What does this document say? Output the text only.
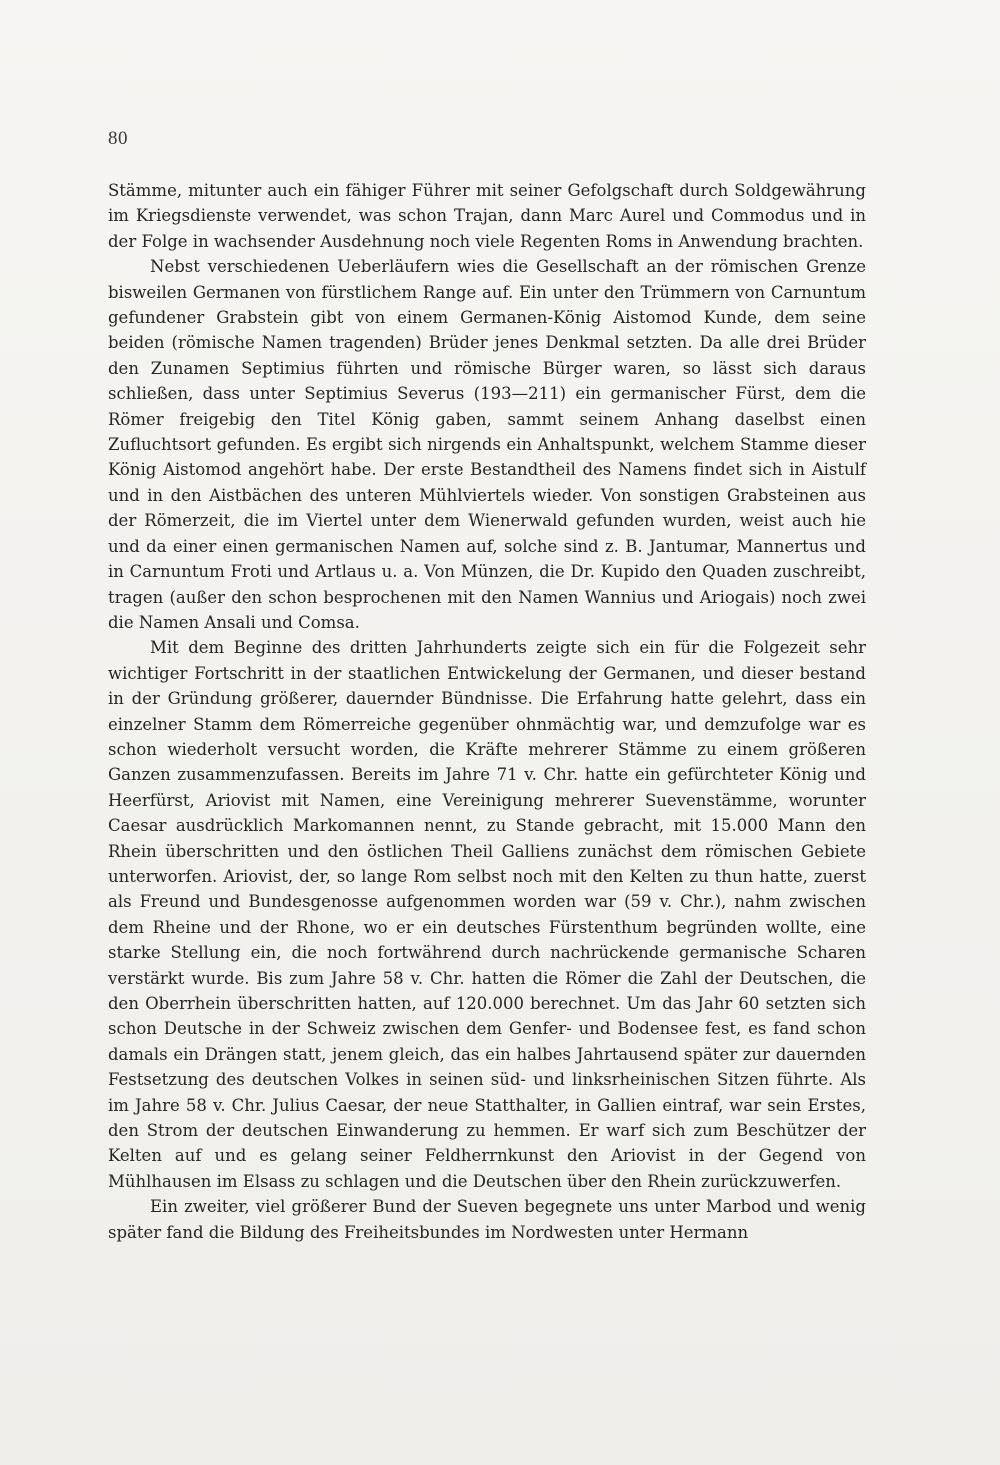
80

Stämme, mitunter auch ein fähiger Führer mit seiner Gefolgschaft durch Soldgewährung im Kriegsdienste verwendet, was schon Trajan, dann Marc Aurel und Commodus und in der Folge in wachsender Ausdehnung noch viele Regenten Roms in Anwendung brachten.

Nebst verschiedenen Ueberläufern wies die Gesellschaft an der römischen Grenze bisweilen Germanen von fürstlichem Range auf. Ein unter den Trümmern von Carnuntum gefundener Grabstein gibt von einem Germanen-König Aistomod Kunde, dem seine beiden (römische Namen tragenden) Brüder jenes Denkmal setzten. Da alle drei Brüder den Zunamen Septimius führten und römische Bürger waren, so lässt sich daraus schließen, dass unter Septimius Severus (193—211) ein germanischer Fürst, dem die Römer freigebig den Titel König gaben, sammt seinem Anhang daselbst einen Zufluchtsort gefunden. Es ergibt sich nirgends ein Anhaltspunkt, welchem Stamme dieser König Aistomod angehört habe. Der erste Bestandtheil des Namens findet sich in Aistulf und in den Aistbächen des unteren Mühlviertels wieder. Von sonstigen Grabsteinen aus der Römerzeit, die im Viertel unter dem Wienerwald gefunden wurden, weist auch hie und da einer einen germanischen Namen auf, solche sind z. B. Jantumar, Mannertus und in Carnuntum Froti und Artlaus u. a. Von Münzen, die Dr. Kupido den Quaden zuschreibt, tragen (außer den schon besprochenen mit den Namen Wannius und Ariogais) noch zwei die Namen Ansali und Comsa.

Mit dem Beginne des dritten Jahrhunderts zeigte sich ein für die Folgezeit sehr wichtiger Fortschritt in der staatlichen Entwickelung der Germanen, und dieser bestand in der Gründung größerer, dauernder Bündnisse. Die Erfahrung hatte gelehrt, dass ein einzelner Stamm dem Römerreiche gegenüber ohnmächtig war, und demzufolge war es schon wiederholt versucht worden, die Kräfte mehrerer Stämme zu einem größeren Ganzen zusammenzufassen. Bereits im Jahre 71 v. Chr. hatte ein gefürchteter König und Heerfürst, Ariovist mit Namen, eine Vereinigung mehrerer Suevenstämme, worunter Caesar ausdrücklich Markomannen nennt, zu Stande gebracht, mit 15.000 Mann den Rhein überschritten und den östlichen Theil Galliens zunächst dem römischen Gebiete unterworfen. Ariovist, der, so lange Rom selbst noch mit den Kelten zu thun hatte, zuerst als Freund und Bundesgenosse aufgenommen worden war (59 v. Chr.), nahm zwischen dem Rheine und der Rhone, wo er ein deutsches Fürstenthum begründen wollte, eine starke Stellung ein, die noch fortwährend durch nachrückende germanische Scharen verstärkt wurde. Bis zum Jahre 58 v. Chr. hatten die Römer die Zahl der Deutschen, die den Oberrhein überschritten hatten, auf 120.000 berechnet. Um das Jahr 60 setzten sich schon Deutsche in der Schweiz zwischen dem Genfer- und Bodensee fest, es fand schon damals ein Drängen statt, jenem gleich, das ein halbes Jahrtausend später zur dauernden Festsetzung des deutschen Volkes in seinen süd- und linksrheinischen Sitzen führte. Als im Jahre 58 v. Chr. Julius Caesar, der neue Statthalter, in Gallien eintraf, war sein Erstes, den Strom der deutschen Einwanderung zu hemmen. Er warf sich zum Beschützer der Kelten auf und es gelang seiner Feldherrnkunst den Ariovist in der Gegend von Mühlhausen im Elsass zu schlagen und die Deutschen über den Rhein zurückzuwerfen.

Ein zweiter, viel größerer Bund der Sueven begegnete uns unter Marbod und wenig später fand die Bildung des Freiheitsbundes im Nordwesten unter Hermann
